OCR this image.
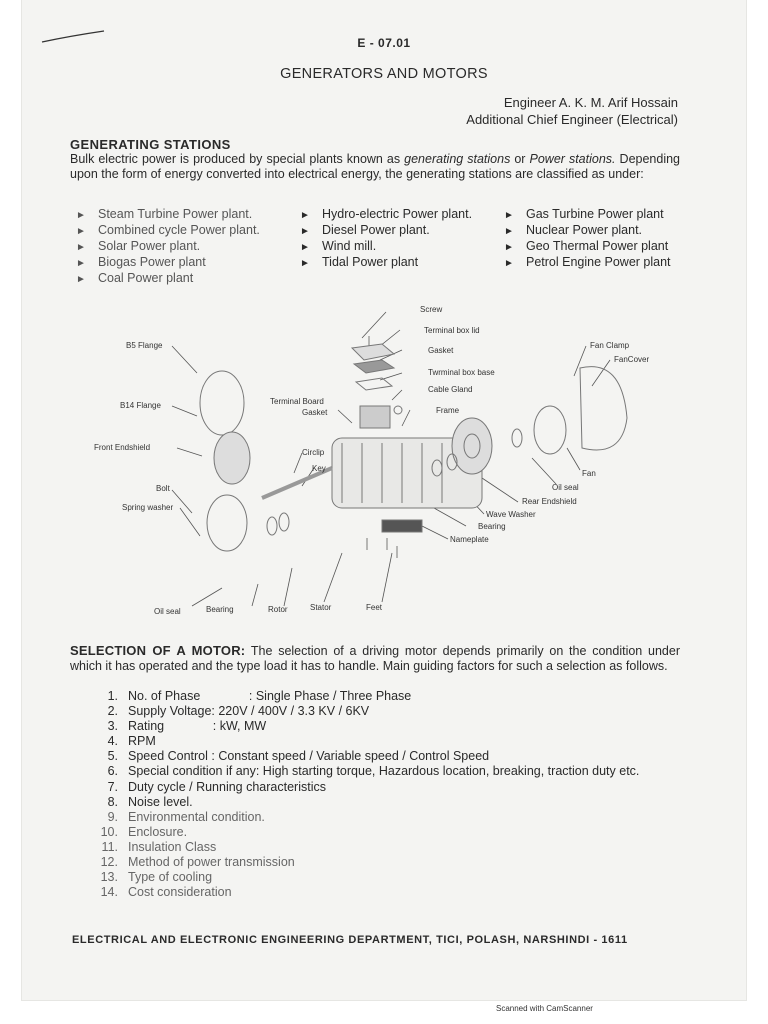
E - 07.01
GENERATORS AND MOTORS
Engineer A. K. M. Arif Hossain
Additional Chief Engineer (Electrical)
GENERATING STATIONS
Bulk electric power is produced by special plants known as generating stations or Power stations. Depending upon the form of energy converted into electrical energy, the generating stations are classified as under:
► Steam Turbine Power plant.
► Combined cycle Power plant.
► Solar Power plant.
► Biogas Power plant
► Coal Power plant
► Hydro-electric Power plant.
► Diesel Power plant.
► Wind mill.
► Tidal Power plant
► Gas Turbine Power plant
► Nuclear Power plant.
► Geo Thermal Power plant
► Petrol Engine Power plant
Screw
Terminal box lid
Gasket
Twrminal box base
Cable Gland
Frame
B5 Flange
B14 Flange
Front Endshield
Bolt
Spring washer
Terminal Board
Gasket
Circlip
Key
Fan Clamp
FanCover
Fan
Oil seal
Rear Endshield
Wave Washer
Bearing
Nameplate
Oil seal	Bearing	Rotor	Stator	Feet
SELECTION OF A MOTOR: The selection of a driving motor depends primarily on the condition under which it has operated and the type load it has to handle. Main guiding factors for such a selection as follows.
1. No. of Phase              : Single Phase / Three Phase
2. Supply Voltage: 220V / 400V / 3.3 KV / 6KV
3. Rating              : kW, MW
4. RPM
5. Speed Control : Constant speed / Variable speed / Control Speed
6. Special condition if any: High starting torque, Hazardous location, breaking, traction duty etc.
7. Duty cycle / Running characteristics
8. Noise level.
9. Environmental condition.
10. Enclosure.
11. Insulation Class
12. Method of power transmission
13. Type of cooling
14. Cost consideration
ELECTRICAL AND ELECTRONIC ENGINEERING DEPARTMENT, TICI, POLASH, NARSHINDI - 1611
Scanned with CamScanner
